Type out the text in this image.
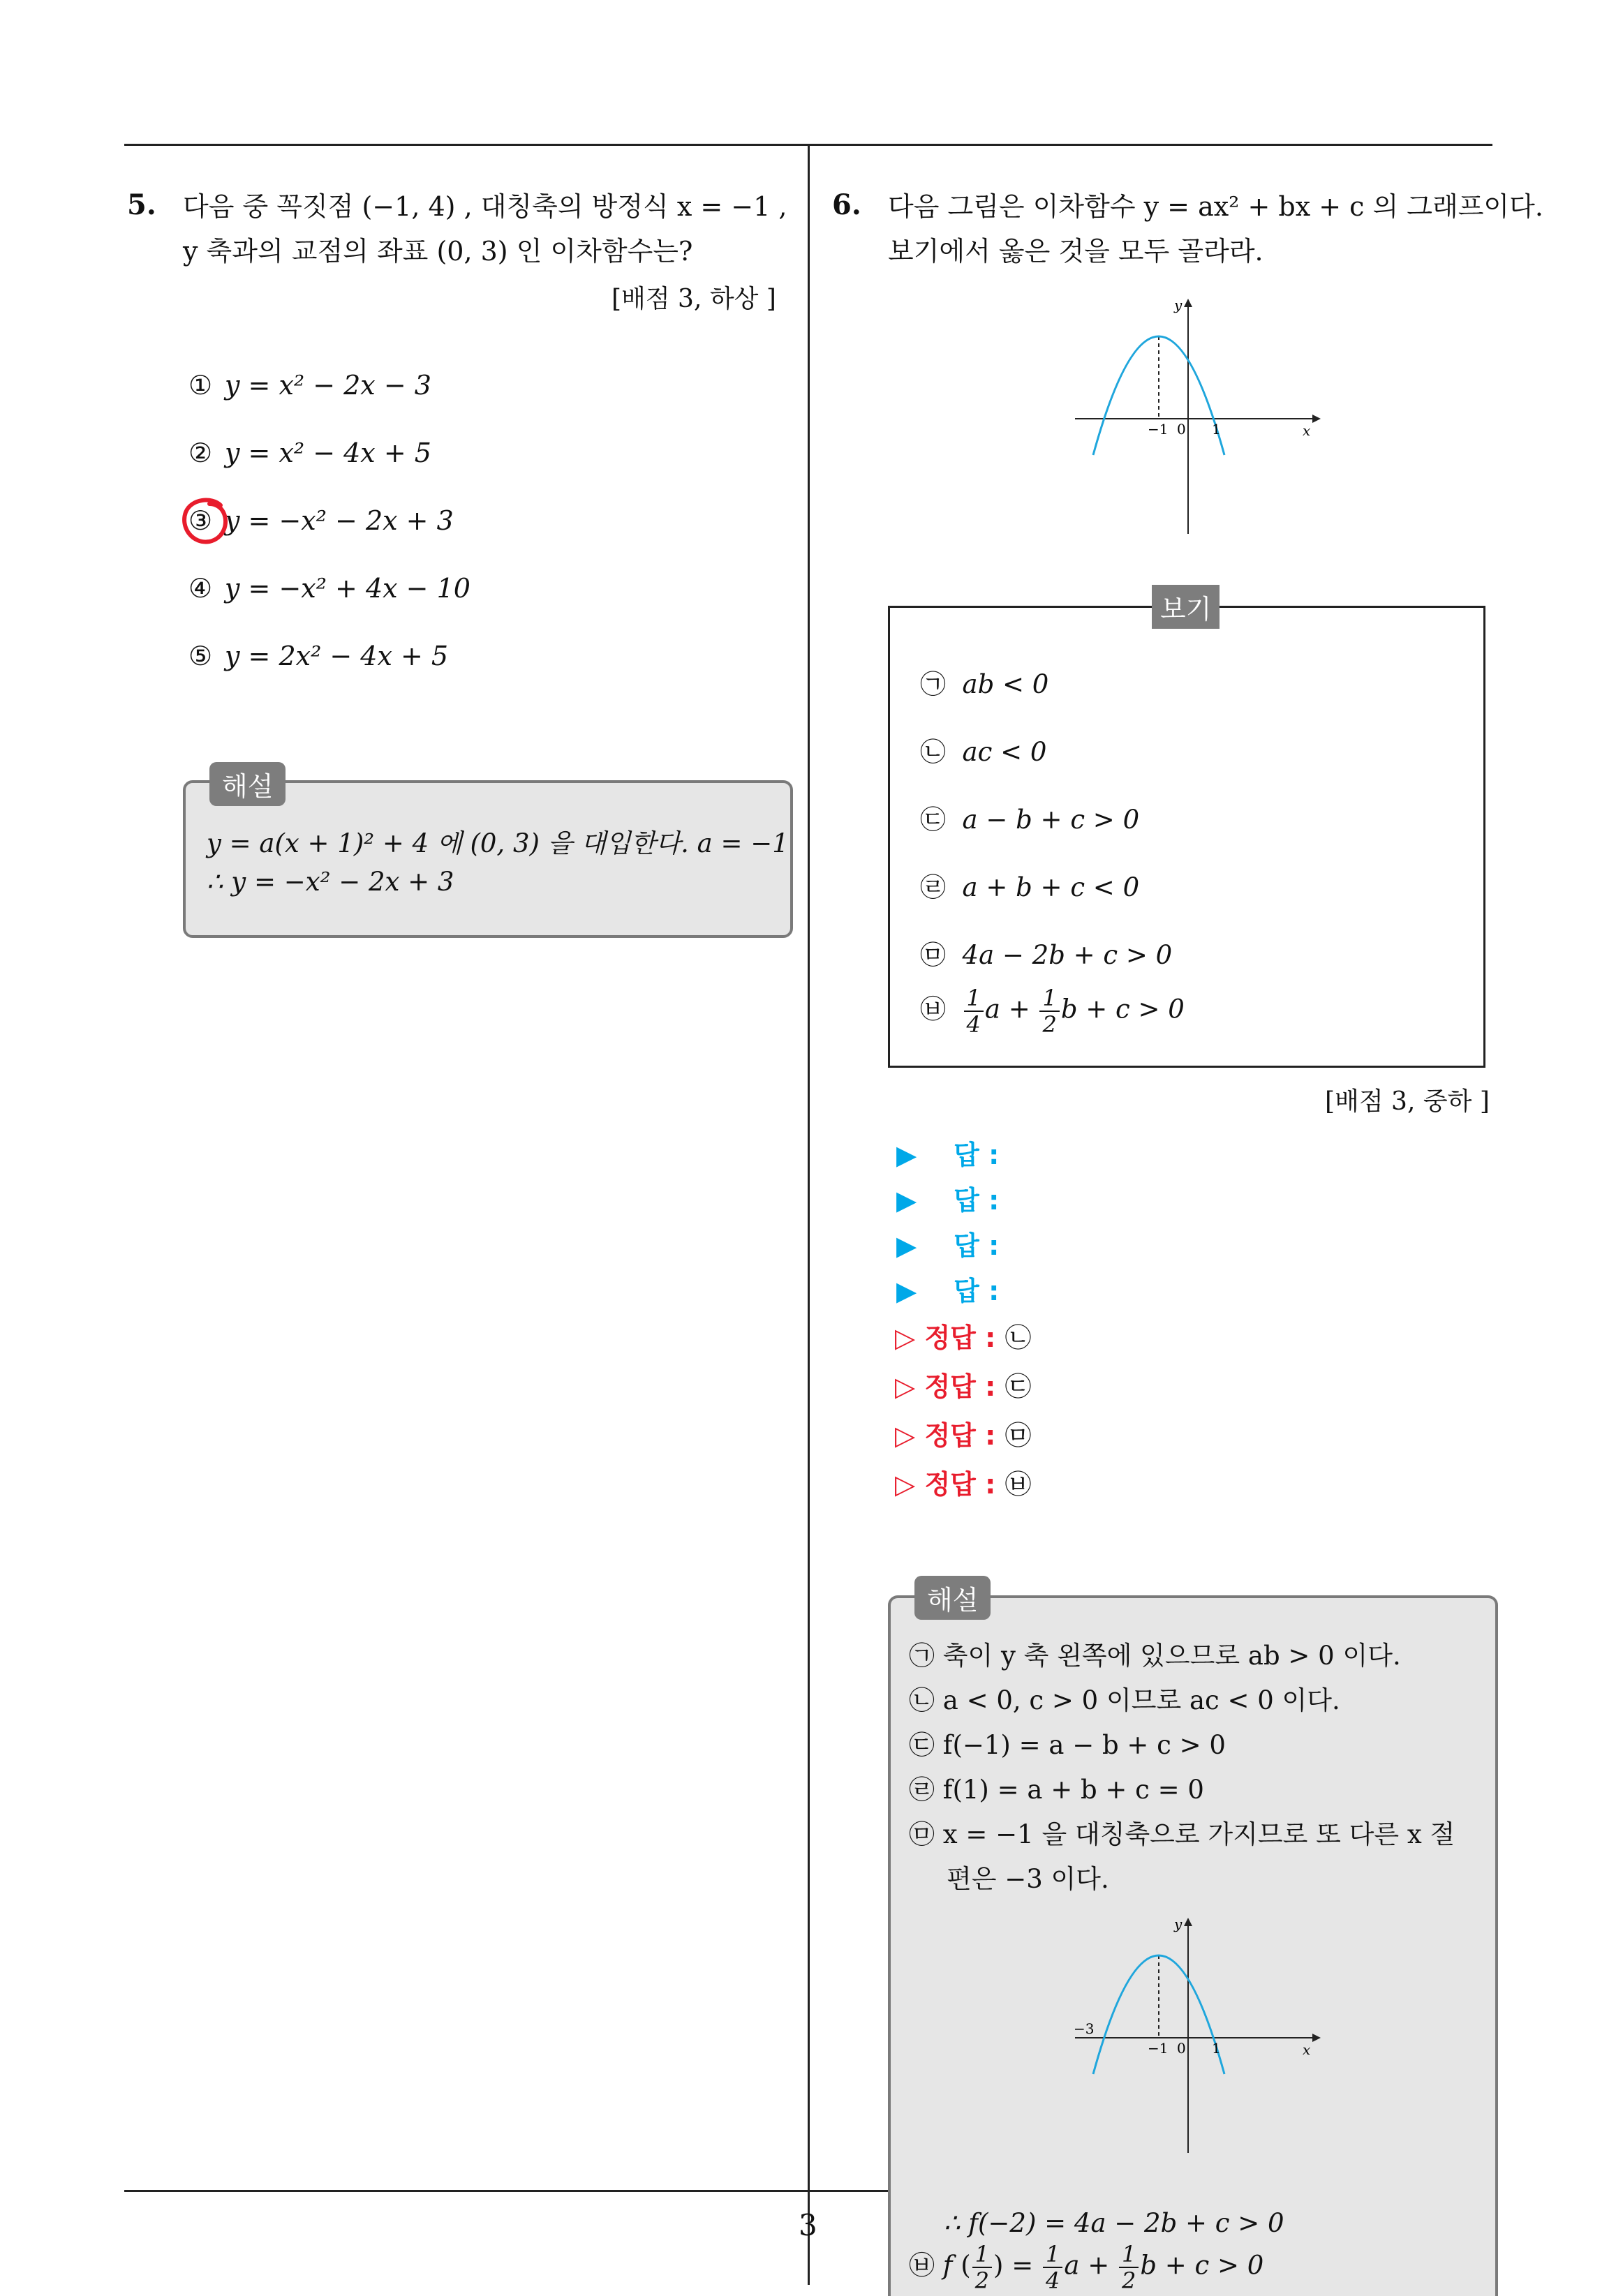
5. 다음 중 꼭짓점 (−1, 4) , 대칭축의 방정식 x = −1 ,
y 축과의 교점의 좌표 (0, 3) 인 이차함수는?
[배점 3, 하상 ]
① y = x² − 2x − 3
② y = x² − 4x + 5
③ y = −x² − 2x + 3
④ y = −x² + 4x − 10
⑤ y = 2x² − 4x + 5
해설
y = a(x + 1)² + 4 에 (0, 3) 을 대입한다. a = −1
∴ y = −x² − 2x + 3
6. 다음 그림은 이차함수 y = ax² + bx + c 의 그래프이다.
보기에서 옳은 것을 모두 골라라.
y
x
−1 0 1
보기
㉠ ab < 0
㉡ ac < 0
㉢ a − b + c > 0
㉣ a + b + c < 0
㉤ 4a − 2b + c > 0
㉥ $\frac{1}{4}$ $a + \frac{1}{2}$ b + c > 0
[배점 3, 중하 ]
▶ 답 :
▶ 답 :
▶ 답 :
▶ 답 :
▷ 정답 : ㉡
▷ 정답 : ㉢
▷ 정답 : ㉤
▷ 정답 : ㉥
해설
㉠ 축이 y 축 왼쪽에 있으므로 ab > 0 이다.
㉡ a < 0, c > 0 이므로 ac < 0 이다.
㉢ f(−1) = a − b + c > 0
㉣ f(1) = a + b + c = 0
㉤ x = −1 을 대칭축으로 가지므로 또 다른 x 절
편은 −3 이다.
y
x
−3
−1 0 1
∴ f(−2) = 4a − 2b + c > 0
㉥ f ( $\frac{1}{2}$ ) = $\frac{1}{4}$ $a + \frac{1}{2}$ b + c > 0
3
